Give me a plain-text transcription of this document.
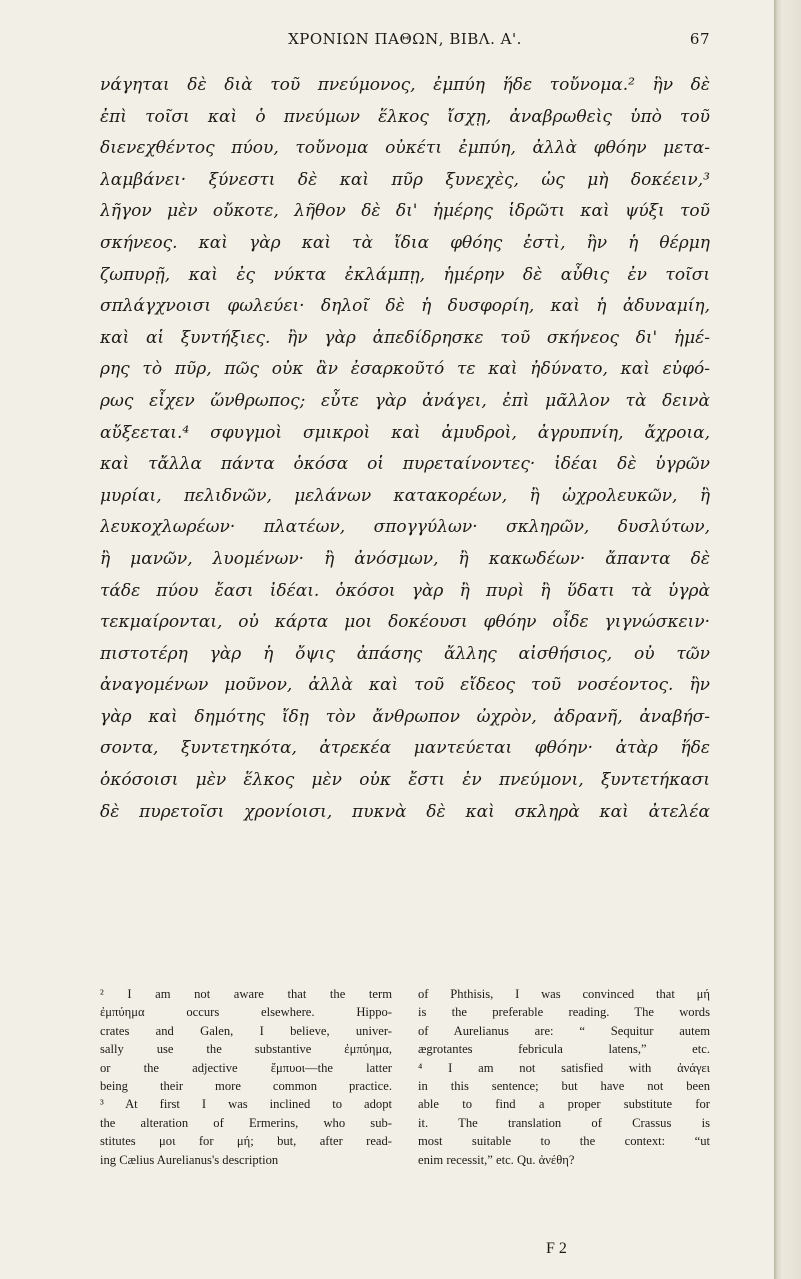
ΧΡΟΝΙΩΝ ΠΑΘΩΝ, ΒΙΒΛ. Α'.	67
νάγηται δὲ διὰ τοῦ πνεύμονος, ἐμπύη ἥδε τοὔνομα.² ἣν δὲ
ἐπὶ τοῖσι καὶ ὁ πνεύμων ἕλκος ἴσχῃ, ἀναβρωθεὶς ὑπὸ τοῦ
διενεχθέντος πύου, τοὔνομα οὐκέτι ἐμπύη, ἀλλὰ φθόην μετα-
λαμβάνει· ξύνεστι δὲ καὶ πῦρ ξυνεχὲς, ὡς μὴ δοκέειν,³
λῆγον μὲν οὔκοτε, λῆθον δὲ δι' ἡμέρης ἱδρῶτι καὶ ψύξι τοῦ
σκήνεος. καὶ γὰρ καὶ τὰ ἴδια φθόης ἐστὶ, ἢν ἡ θέρμη
ζωπυρῇ, καὶ ἐς νύκτα ἐκλάμπῃ, ἡμέρην δὲ αὖθις ἐν τοῖσι
σπλάγχνοισι φωλεύει· δηλοῖ δὲ ἡ δυσφορίη, καὶ ἡ ἀδυναμίη,
καὶ αἱ ξυντήξιες. ἢν γὰρ ἀπεδίδρησκε τοῦ σκήνεος δι' ἡμέ-
ρης τὸ πῦρ, πῶς οὐκ ἂν ἐσαρκοῦτό τε καὶ ἠδύνατο, καὶ εὐφό-
ρως εἶχεν ὥνθρωπος; εὖτε γὰρ ἀνάγει, ἐπὶ μᾶλλον τὰ δεινὰ
αὔξεεται.⁴ σφυγμοὶ σμικροὶ καὶ ἀμυδροὶ, ἀγρυπνίη, ἄχροια,
καὶ τἄλλα πάντα ὁκόσα οἱ πυρεταίνοντες· ἰδέαι δὲ ὑγρῶν
μυρίαι, πελιδνῶν, μελάνων κατακορέων, ἢ ὠχρολευκῶν, ἢ
λευκοχλωρέων· πλατέων, σπογγύλων· σκληρῶν, δυσλύτων,
ἢ μανῶν, λυομένων· ἢ ἀνόσμων, ἢ κακωδέων· ἄπαντα δὲ
τάδε πύου ἔασι ἰδέαι. ὁκόσοι γὰρ ἢ πυρὶ ἢ ὕδατι τὰ ὑγρὰ
τεκμαίρονται, οὐ κάρτα μοι δοκέουσι φθόην οἶδε γιγνώσκειν·
πιστοτέρη γὰρ ἡ ὄψις ἀπάσης ἄλλης αἰσθήσιος, οὐ τῶν
ἀναγομένων μοῦνον, ἀλλὰ καὶ τοῦ εἴδεος τοῦ νοσέοντος. ἢν
γὰρ καὶ δημότης ἴδῃ τὸν ἄνθρωπον ὠχρὸν, ἀδρανῆ, ἀναβήσ-
σοντα, ξυντετηκότα, ἀτρεκέα μαντεύεται φθόην· ἀτὰρ ἥδε
ὁκόσοισι μὲν ἕλκος μὲν οὐκ ἔστι ἐν πνεύμονι, ξυντετήκασι
δὲ πυρετοῖσι χρονίοισι, πυκνὰ δὲ καὶ σκληρὰ καὶ ἀτελέα
² I am not aware that the term
ἐμπύημα occurs elsewhere. Hippo-
crates and Galen, I believe, univer-
sally use the substantive ἐμπύημα,
or the adjective ἔμπυοι—the latter
being their more common practice.
³ At first I was inclined to adopt
the alteration of Ermerins, who sub-
stitutes μοι for μή; but, after read-
ing Cælius Aurelianus's description
of Phthisis, I was convinced that μή
is the preferable reading. The words
of Aurelianus are: “ Sequitur autem
ægrotantes febricula latens,” etc.
⁴ I am not satisfied with ἀνάγει
in this sentence; but have not been
able to find a proper substitute for
it. The translation of Crassus is
most suitable to the context: “ut
enim recessit,” etc. Qu. ἀνέθη?
F 2
